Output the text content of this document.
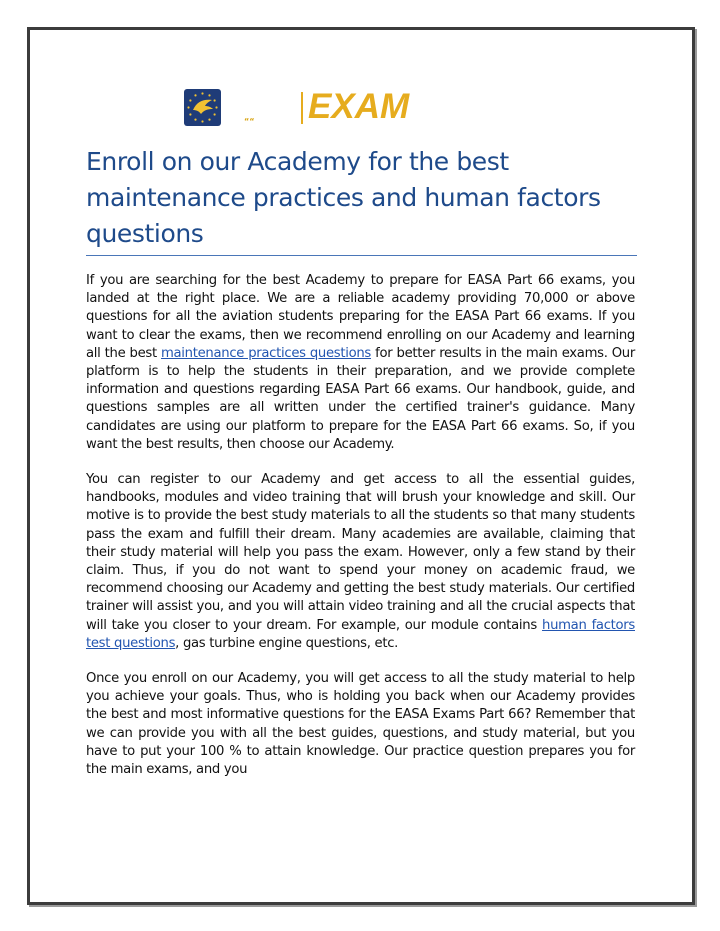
““ EXAM
Enroll on our Academy for the best maintenance practices and human factors questions

If you are searching for the best Academy to prepare for EASA Part 66 exams, you landed at the right place. We are a reliable academy providing 70,000 or above questions for all the aviation students preparing for the EASA Part 66 exams. If you want to clear the exams, then we recommend enrolling on our Academy and learning all the best maintenance practices questions for better results in the main exams. Our platform is to help the students in their preparation, and we provide complete information and questions regarding EASA Part 66 exams. Our handbook, guide, and questions samples are all written under the certified trainer's guidance. Many candidates are using our platform to prepare for the EASA Part 66 exams. So, if you want the best results, then choose our Academy.

You can register to our Academy and get access to all the essential guides, handbooks, modules and video training that will brush your knowledge and skill. Our motive is to provide the best study materials to all the students so that many students pass the exam and fulfill their dream. Many academies are available, claiming that their study material will help you pass the exam. However, only a few stand by their claim. Thus, if you do not want to spend your money on academic fraud, we recommend choosing our Academy and getting the best study materials. Our certified trainer will assist you, and you will attain video training and all the crucial aspects that will take you closer to your dream. For example, our module contains human factors test questions, gas turbine engine questions, etc.

Once you enroll on our Academy, you will get access to all the study material to help you achieve your goals. Thus, who is holding you back when our Academy provides the best and most informative questions for the EASA Exams Part 66? Remember that we can provide you with all the best guides, questions, and study material, but you have to put your 100 % to attain knowledge. Our practice question prepares you for the main exams, and you
